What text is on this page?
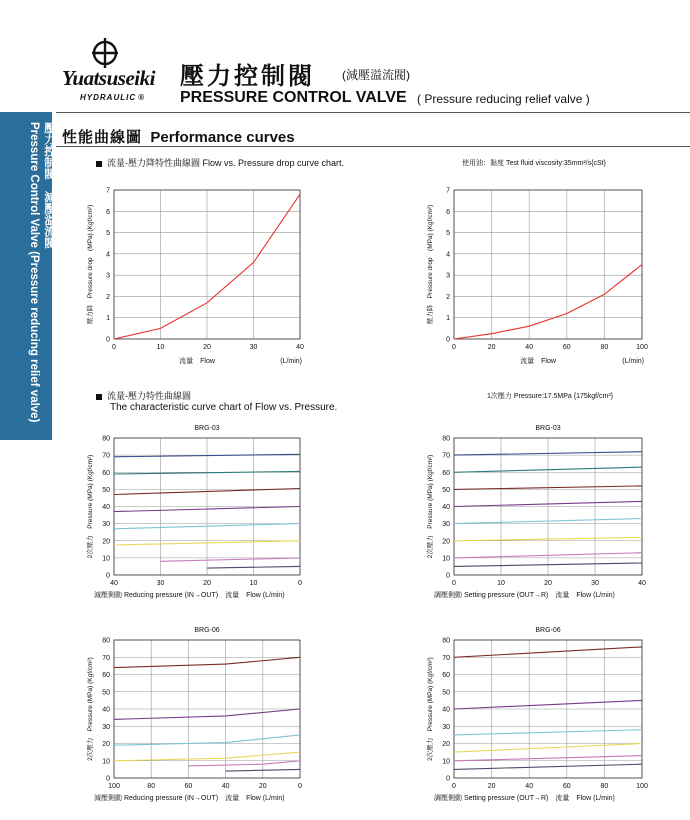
Yuatsuseiki
HYDRAULIC ®
壓力控制閥 (減壓溢流閥)
PRESSURE CONTROL VALVE ( Pressure reducing relief valve )
壓力控制閥　減壓溢流閥
Pressure Control Valve (Pressure reducing relief valve) 性能曲線圖 Performance curves
流量-壓力降特性曲線圖 Flow vs. Pressure drop curve chart.	使用油：黏度 Test fluid viscosity:35mm²/s{cSt}
流量-壓力特性曲線圖
The characteristic curve chart of Flow vs. Pressure.
1次壓力 Pressure:17.5MPa {175kgf/cm²}
0	10	20	30	40
0
1
2
3
4
5
6
7
壓力降　Pressure drop　(MPa) (Kgf/cm²)
流量　Flow	(L/min)
0	20	40	60	80	100
0
1
2
3
4
5
6
7
壓力降　Pressure drop　(MPa) (Kgf/cm²)
流量　Flow	(L/min)
40	30	20	10	0
0
10
20
30
40
50
60
70
80
BRG-03
2次壓力　Pressure (MPa) (Kgf/cm²)
減壓側動 Reducing pressure (IN→OUT)　流量　Flow (L/min)
0	10	20	30	40
0
10
20
30
40
50
60
70
80
BRG-03
2次壓力　Pressure (MPa) (Kgf/cm²)
調壓側動 Setting pressure (OUT→R)　流量　Flow (L/min)
100	80	60	40	20	0
0
10
20
30
40
50
60
70
80
BRG-06
2次壓力　Pressure (MPa) (Kgf/cm²)
減壓側動 Reducing pressure (IN→OUT)　流量　Flow (L/min)
0	20	40	60	80	100
0
10
20
30
40
50
60
70
80
BRG-06
2次壓力　Pressure (MPa) (Kgf/cm²)
調壓側動 Setting pressure (OUT→R)　流量　Flow (L/min)
